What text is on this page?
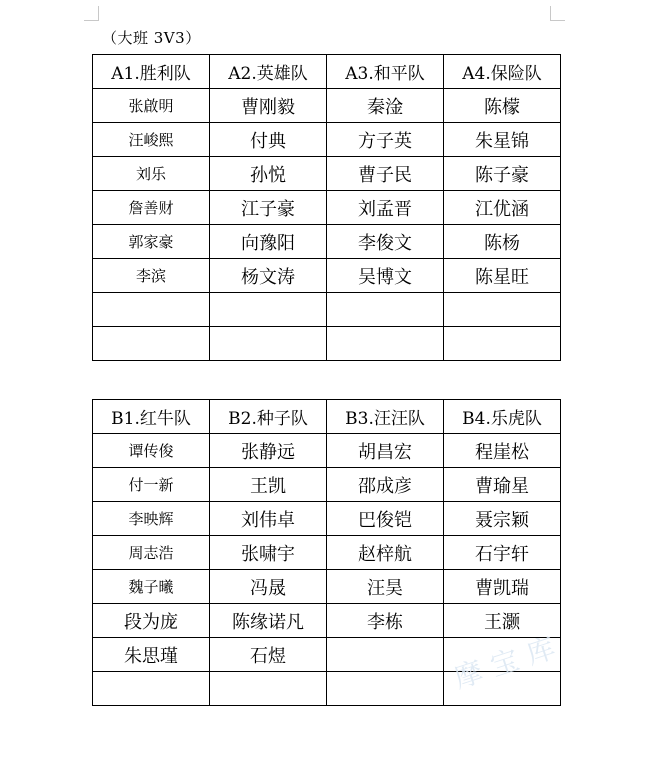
（大班 3V3）
A1.胜利队	A2.英雄队	A3.和平队	A4.保险队
张啟明	曹刚毅	秦淦	陈檬
汪峻熙	付典	方子英	朱星锦
刘乐	孙悦	曹子民	陈子豪
詹善财	江子豪	刘孟晋	江优涵
郭家豪	向豫阳	李俊文	陈杨
李滨	杨文涛	吴博文	陈星旺

B1.红牛队	B2.种子队	B3.汪汪队	B4.乐虎队
谭传俊	张静远	胡昌宏	程崖松
付一新	王凯	邵成彦	曹瑜星
李映辉	刘伟卓	巴俊铠	聂宗颖
周志浩	张啸宇	赵梓航	石宇轩
魏子曦	冯晟	汪昊	曹凯瑞
段为庞	陈缘诺凡	李栋	王灏
朱思瑾	石煜		
				摩宝库
